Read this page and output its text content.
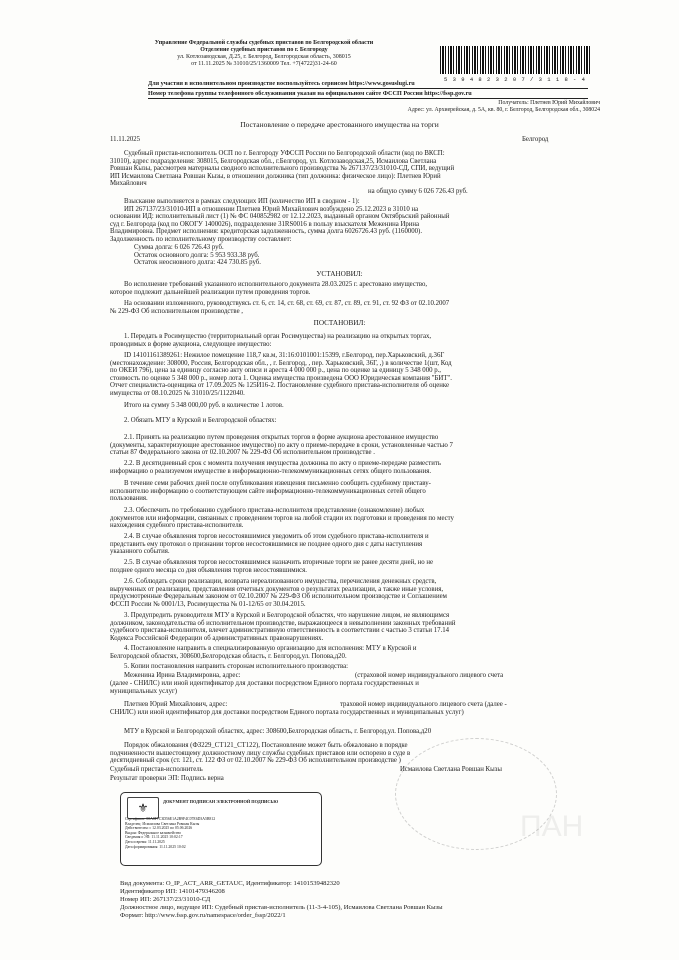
Управление Федеральной службы судебных приставов по Белгородской области
Отделение судебных приставов по г. Белгороду
ул. Котлозаводская, Д.25, г. Белгород, Белгородская область, 308015
от 11.11.2025 № 31010/25/1360009 Тел. +7(4722)31-24-60
5 3 9 4 8 2 3 2 0 7 / 3 1 1 8 - 4
Для участия в исполнительном производстве воспользуйтесь сервисом https://www.gosuslugi.ru
Номер телефона группы телефонного обслуживания указан на официальном сайте ФССП России https://fssp.gov.ru
Получатель: Плетнев Юрий Михайлович
Адрес: ул. Архиерейская, д. 5А, кв. 80, г. Белгород, Белгородская обл., 308024
Постановление о передаче арестованного имущества на торги
11.11.2025	Белгород
Судебный пристав-исполнитель ОСП по г. Белгороду УФССП России по Белгородской области (код по ВКСП:
31010), адрес подразделения: 308015, Белгородская обл., г.Белгород, ул. Котлозаводская,25, Исмаилова Светлана
Ровшан Кызы, рассмотрев материалы сводного исполнительного производства № 267137/23/31010-СД, СПИ, ведущий
ИП Исмаилова Светлана Ровшан Кызы, в отношении должника (тип должника: физическое лицо): Плетнев Юрий
Михайлович
на общую сумму 6 026 726.43 руб.
Взыскание выполняется в рамках следующих ИП (количество ИП в сводном - 1):
ИП 267137/23/31010-ИП в отношении Плетнев Юрий Михайлович возбуждено 25.12.2023 в 31010 на
основании ИД: исполнительный лист (1) № ФС 040852982 от 12.12.2023, выданный органом Октябрьский районный
суд г. Белгорода (код по ОКОГУ 1400026), подразделение 31RS0016 в пользу взыскателя Меженина Ирина
Владимировна. Предмет исполнения: кредиторская задолженность, сумма долга 6026726.43 руб. (1160000).
Задолженность по исполнительному производству составляет:
Сумма долга: 6 026 726.43 руб.
Остаток основного долга: 5 953 933.38 руб.
Остаток неосновного долга: 424 730.85 руб.
УСТАНОВИЛ:
Во исполнение требований указанного исполнительного документа 28.03.2025 г. арестовано имущество,
которое подлежит дальнейшей реализации путем проведения торгов.
На основании изложенного, руководствуясь ст. 6, ст. 14, ст. 68, ст. 69, ст. 87, ст. 89, ст. 91, ст. 92 ФЗ от 02.10.2007
№ 229-ФЗ Об исполнительном производстве ,
ПОСТАНОВИЛ:
1. Передать в Росимущество (территориальный орган Росимущества) на реализацию на открытых торгах,
проводимых в форме аукциона, следующее имущество:
ID 14101161389261: Нежилое помещение 118,7 кв.м, 31:16:0101001:15399, г.Белгород, пер.Харьковский, д.36Г
(местонахождение: 308000, Россия, Белгородская обл., , г. Белгород, , пер. Харьковский, 36Г, ,) в количестве 1(шт, Код
по ОКЕИ 796), цена за единицу согласно акту описи и ареста 4 000 000 р., цена по оценке за единицу 5 348 000 р.,
стоимость по оценке 5 348 000 р., номер лота 1. Оценка имущества произведена ООО Юридическая компания "БИТ".
Отчет специалиста-оценщика от 17.09.2025 № 125И16-2. Постановление судебного пристава-исполнителя об оценке
имущества от 08.10.2025 № 31010/25/1122040.
Итого на сумму 5 348 000,00 руб. в количестве 1 лотов.
2. Обязать МТУ в Курской и Белгородской областях:
2.1. Принять на реализацию путем проведения открытых торгов в форме аукциона арестованное имущество
(документы, характеризующие арестованное имущество) по акту о приеме-передаче в сроки, установленные частью 7
статьи 87 Федерального закона от 02.10.2007 № 229-ФЗ Об исполнительном производстве .
2.2. В десятидневный срок с момента получения имущества должника по акту о приеме-передаче разместить
информацию о реализуемом имуществе в информационно-телекоммуникационных сетях общего пользования.
В течение семи рабочих дней после опубликования извещения письменно сообщить судебному приставу-
исполнителю информацию о соответствующем сайте информационно-телекоммуникационных сетей общего
пользования.
2.3. Обеспечить по требованию судебного пристава-исполнителя представление (ознакомление) любых
документов или информации, связанных с проведением торгов на любой стадии их подготовки и проведения по месту
нахождения судебного пристава-исполнителя.
2.4. В случае объявления торгов несостоявшимися уведомить об этом судебного пристава-исполнителя и
представить ему протокол о признании торгов несостоявшимися не позднее одного дня с даты наступления
указанного события.
2.5. В случае объявления торгов несостоявшимися назначить вторичные торги не ранее десяти дней, но не
позднее одного месяца со дня объявления торгов несостоявшимися.
2.6. Соблюдать сроки реализации, возврата нереализованного имущества, перечисления денежных средств,
вырученных от реализации, представления отчетных документов о результатах реализации, а также иные условия,
предусмотренные Федеральным законом от 02.10.2007 № 229-ФЗ Об исполнительном производстве и Соглашением
ФССП России № 0001/13, Росимущества № 01-12/65 от 30.04.2015.
3. Предупредить руководителя МТУ в Курской и Белгородской областях, что нарушение лицом, не являющимся
должником, законодательства об исполнительном производстве, выражающееся в невыполнении законных требований
судебного пристава-исполнителя, влечет административную ответственность в соответствии с частью 3 статьи 17.14
Кодекса Российской Федерации об административных правонарушениях.
4. Постановление направить в специализированную организацию для исполнения: МТУ в Курской и
Белгородской областях, 308600,Белгородская область, г. Белгород,ул. Попова,д20.
5. Копии постановления направить сторонам исполнительного производства:
Меженина Ирина Владимировна, адрес:	(страховой номер индивидуального лицевого счета
(далее - СНИЛС) или иной идентификатор для доставки посредством Единого портала государственных и
муниципальных услуг)
Плетнев Юрий Михайлович, адрес:	траховой номер индивидуального лицевого счета (далее -
СНИЛС) или иной идентификатор для доставки посредством Единого портала государственных и муниципальных услуг)
МТУ в Курской и Белгородской областях, адрес: 308600,Белгородская область, г. Белгород,ул. Попова,д20
Порядок обжалования (ФЗ229_СТ121_СТ122), Постановление может быть обжаловано в порядке
подчиненности вышестоящему должностному лицу службы судебных приставов или оспорено в суде в
десятидневный срок (ст. 121, ст. 122 ФЗ от 02.10.2007 № 229-ФЗ Об исполнительном производстве )
Судебный пристав-исполнитель	Исмаилова Светлана Ровшан Кызы
Результат проверки ЭП: Подпись верна
⚜	ДОКУМЕНТ ПОДПИСАН ЭЛЕКТРОННОЙ ПОДПИСЬЮ
Сертификат: 00A8F7C3D56E1A2B9F4C07E6D3A5B812
Владелец: Исмаилова Светлана Ровшан Кызы
Действителен: с 12.03.2025 по 05.06.2026
Выдан: Федеральное казначейство
Сведения о ЭП: 11.11.2025 10:02:17
Дата и время: 11.11.2025
Дата формирования: 11.11.2025 10:02
ПАН
Вид документа: О_IP_ACT_ARR_GETAUC, Идентификатор: 14101539482320
Идентификатор ИП: 14101479346208
Номер ИП: 267137/23/31010-СД
Должностное лицо, ведущее ИП: Судебный пристав-исполнитель (11-3-4-105), Исмаилова Светлана Ровшан Кызы
Формат: http://www.fssp.gov.ru/namespace/order_fssp/2022/1
